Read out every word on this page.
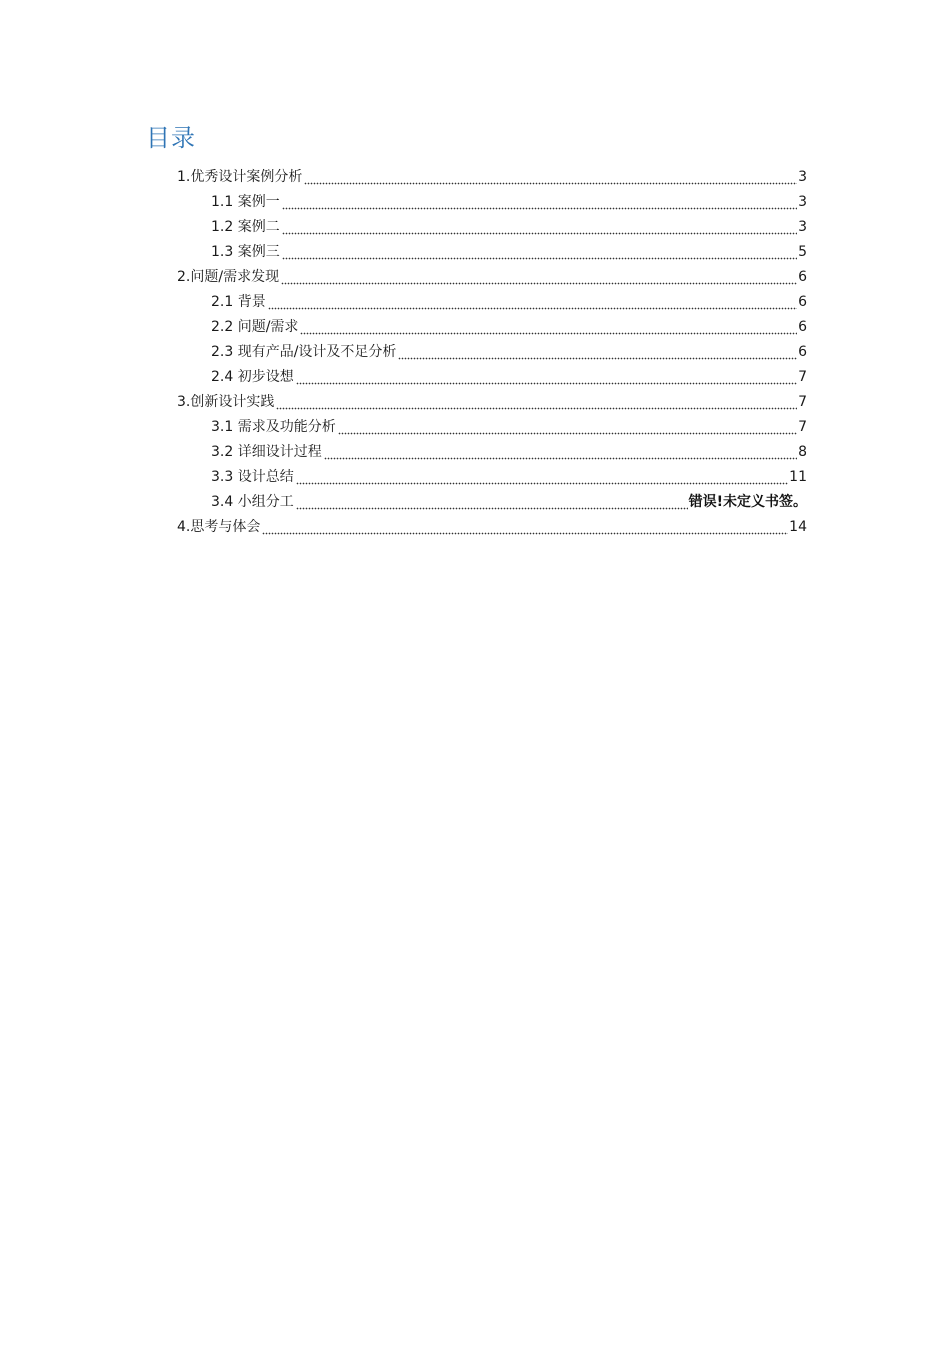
目录
1.优秀设计案例分析	3
1.1 案例一	3
1.2 案例二	3
1.3 案例三	5
2.问题/需求发现	6
2.1 背景	6
2.2 问题/需求	6
2.3 现有产品/设计及不足分析	6
2.4 初步设想	7
3.创新设计实践	7
3.1 需求及功能分析	7
3.2 详细设计过程	8
3.3 设计总结	11
3.4 小组分工	错误!未定义书签。
4.思考与体会	14
